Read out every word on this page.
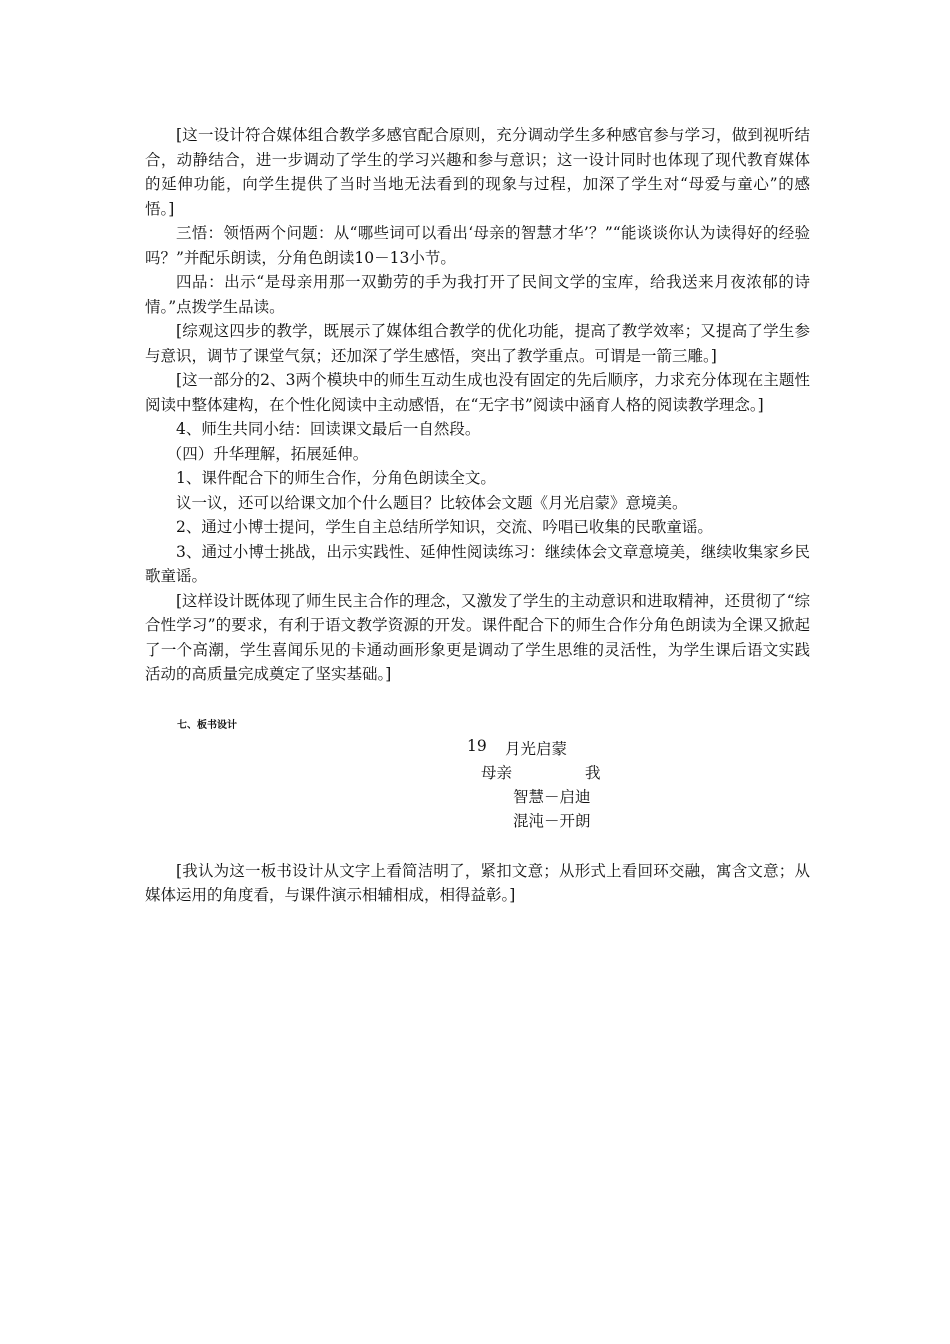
[这一设计符合媒体组合教学多感官配合原则，充分调动学生多种感官参与学习，做到视听结合，动静结合，进一步调动了学生的学习兴趣和参与意识；这一设计同时也体现了现代教育媒体的延伸功能，向学生提供了当时当地无法看到的现象与过程，加深了学生对“母爱与童心”的感悟。]

三悟：领悟两个问题：从“哪些词可以看出‘母亲的智慧才华’？”“能谈谈你认为读得好的经验吗？”并配乐朗读，分角色朗读10－13小节。

四品：出示“是母亲用那一双勤劳的手为我打开了民间文学的宝库，给我送来月夜浓郁的诗情。”点拨学生品读。

[综观这四步的教学，既展示了媒体组合教学的优化功能，提高了教学效率；又提高了学生参与意识，调节了课堂气氛；还加深了学生感悟，突出了教学重点。可谓是一箭三雕。]

[这一部分的2、3两个模块中的师生互动生成也没有固定的先后顺序，力求充分体现在主题性阅读中整体建构，在个性化阅读中主动感悟，在“无字书”阅读中涵育人格的阅读教学理念。]

4、师生共同小结：回读课文最后一自然段。

（四）升华理解，拓展延伸。

1、课件配合下的师生合作，分角色朗读全文。

议一议，还可以给课文加个什么题目？比较体会文题《月光启蒙》意境美。

2、通过小博士提问，学生自主总结所学知识，交流、吟唱已收集的民歌童谣。

3、通过小博士挑战，出示实践性、延伸性阅读练习：继续体会文章意境美，继续收集家乡民歌童谣。

[这样设计既体现了师生民主合作的理念，又激发了学生的主动意识和进取精神，还贯彻了“综合性学习”的要求，有利于语文教学资源的开发。课件配合下的师生合作分角色朗读为全课又掀起了一个高潮，学生喜闻乐见的卡通动画形象更是调动了学生思维的灵活性，为学生课后语文实践活动的高质量完成奠定了坚实基础。]

七、板书设计
19 月光启蒙
母亲	我
智慧－启迪
混沌－开朗

[我认为这一板书设计从文字上看简洁明了，紧扣文意；从形式上看回环交融，寓含文意；从媒体运用的角度看，与课件演示相辅相成，相得益彰。]
